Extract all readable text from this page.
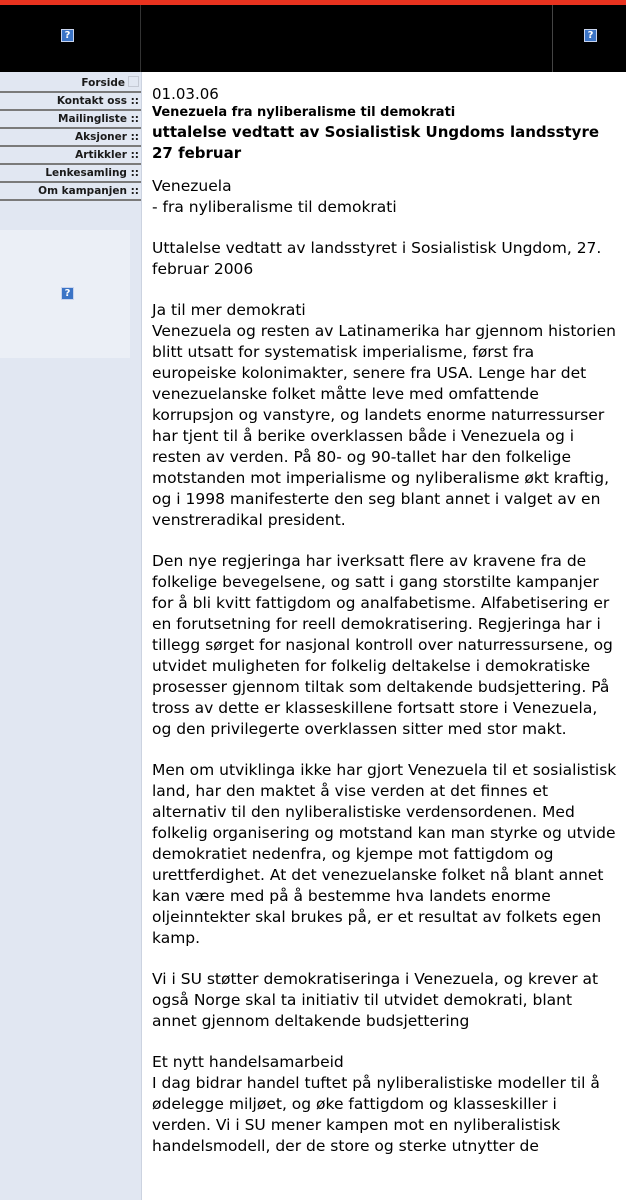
?	?
Forside
Kontakt oss ::
Mailingliste ::
Aksjoner ::
Artikkler ::
Lenkesamling ::
Om kampanjen ::
?
01.03.06
Venezuela fra nyliberalisme til demokrati
uttalelse vedtatt av Sosialistisk Ungdoms landsstyre 27 februar

Venezuela
- fra nyliberalisme til demokrati

Uttalelse vedtatt av landsstyret i Sosialistisk Ungdom, 27. februar 2006

Ja til mer demokrati
Venezuela og resten av Latinamerika har gjennom historien blitt utsatt for systematisk imperialisme, først fra europeiske kolonimakter, senere fra USA. Lenge har det venezuelanske folket måtte leve med omfattende korrupsjon og vanstyre, og landets enorme naturressurser har tjent til å berike overklassen både i Venezuela og i resten av verden. På 80- og 90-tallet har den folkelige motstanden mot imperialisme og nyliberalisme økt kraftig, og i 1998 manifesterte den seg blant annet i valget av en venstreradikal president.

Den nye regjeringa har iverksatt flere av kravene fra de folkelige bevegelsene, og satt i gang storstilte kampanjer for å bli kvitt fattigdom og analfabetisme. Alfabetisering er en forutsetning for reell demokratisering. Regjeringa har i tillegg sørget for nasjonal kontroll over naturressursene, og utvidet muligheten for folkelig deltakelse i demokratiske prosesser gjennom tiltak som deltakende budsjettering. På tross av dette er klasseskillene fortsatt store i Venezuela, og den privilegerte overklassen sitter med stor makt.

Men om utviklinga ikke har gjort Venezuela til et sosialistisk land, har den maktet å vise verden at det finnes et alternativ til den nyliberalistiske verdensordenen. Med folkelig organisering og motstand kan man styrke og utvide demokratiet nedenfra, og kjempe mot fattigdom og urettferdighet. At det venezuelanske folket nå blant annet kan være med på å bestemme hva landets enorme oljeinntekter skal brukes på, er et resultat av folkets egen kamp.

Vi i SU støtter demokratiseringa i Venezuela, og krever at også Norge skal ta initiativ til utvidet demokrati, blant annet gjennom deltakende budsjettering

Et nytt handelsamarbeid
I dag bidrar handel tuftet på nyliberalistiske modeller til å ødelegge miljøet, og øke fattigdom og klasseskiller i verden. Vi i SU mener kampen mot en nyliberalistisk handelsmodell, der de store og sterke utnytter de
